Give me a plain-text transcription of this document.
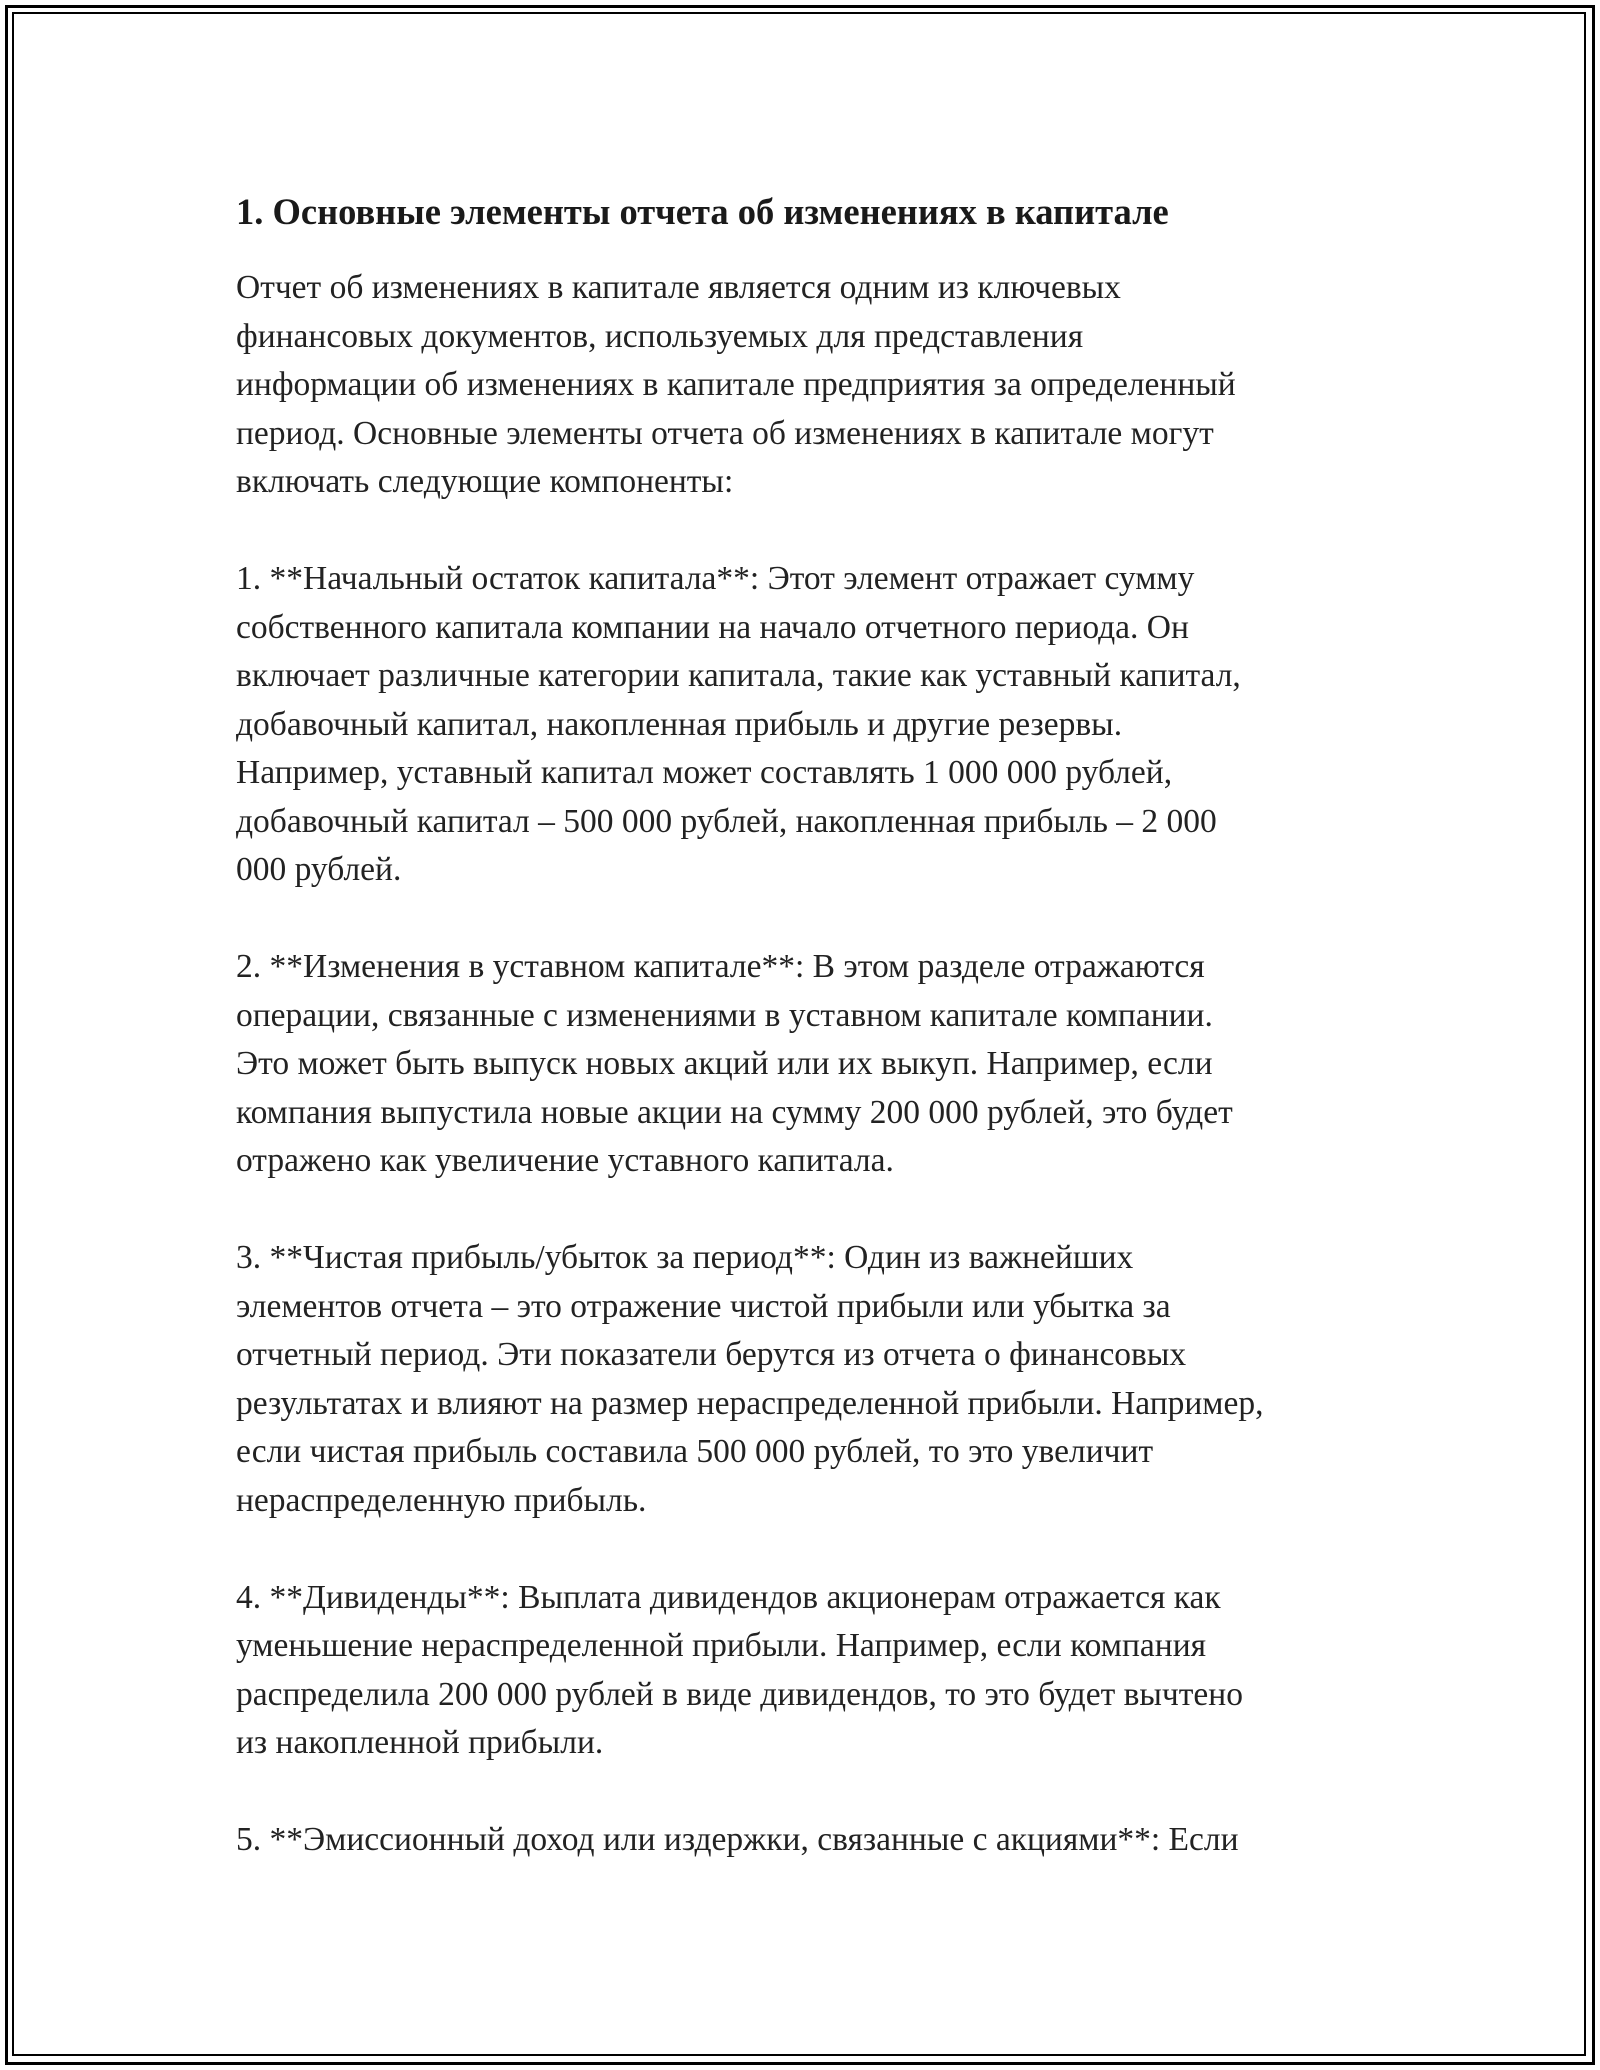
1. Основные элементы отчета об изменениях в капитале

Отчет об изменениях в капитале является одним из ключевых
финансовых документов, используемых для представления
информации об изменениях в капитале предприятия за определенный
период. Основные элементы отчета об изменениях в капитале могут
включать следующие компоненты:

1. **Начальный остаток капитала**: Этот элемент отражает сумму
собственного капитала компании на начало отчетного периода. Он
включает различные категории капитала, такие как уставный капитал,
добавочный капитал, накопленная прибыль и другие резервы.
Например, уставный капитал может составлять 1 000 000 рублей,
добавочный капитал – 500 000 рублей, накопленная прибыль – 2 000
000 рублей.

2. **Изменения в уставном капитале**: В этом разделе отражаются
операции, связанные с изменениями в уставном капитале компании.
Это может быть выпуск новых акций или их выкуп. Например, если
компания выпустила новые акции на сумму 200 000 рублей, это будет
отражено как увеличение уставного капитала.

3. **Чистая прибыль/убыток за период**: Один из важнейших
элементов отчета – это отражение чистой прибыли или убытка за
отчетный период. Эти показатели берутся из отчета о финансовых
результатах и влияют на размер нераспределенной прибыли. Например,
если чистая прибыль составила 500 000 рублей, то это увеличит
нераспределенную прибыль.

4. **Дивиденды**: Выплата дивидендов акционерам отражается как
уменьшение нераспределенной прибыли. Например, если компания
распределила 200 000 рублей в виде дивидендов, то это будет вычтено
из накопленной прибыли.

5. **Эмиссионный доход или издержки, связанные с акциями**: Если
